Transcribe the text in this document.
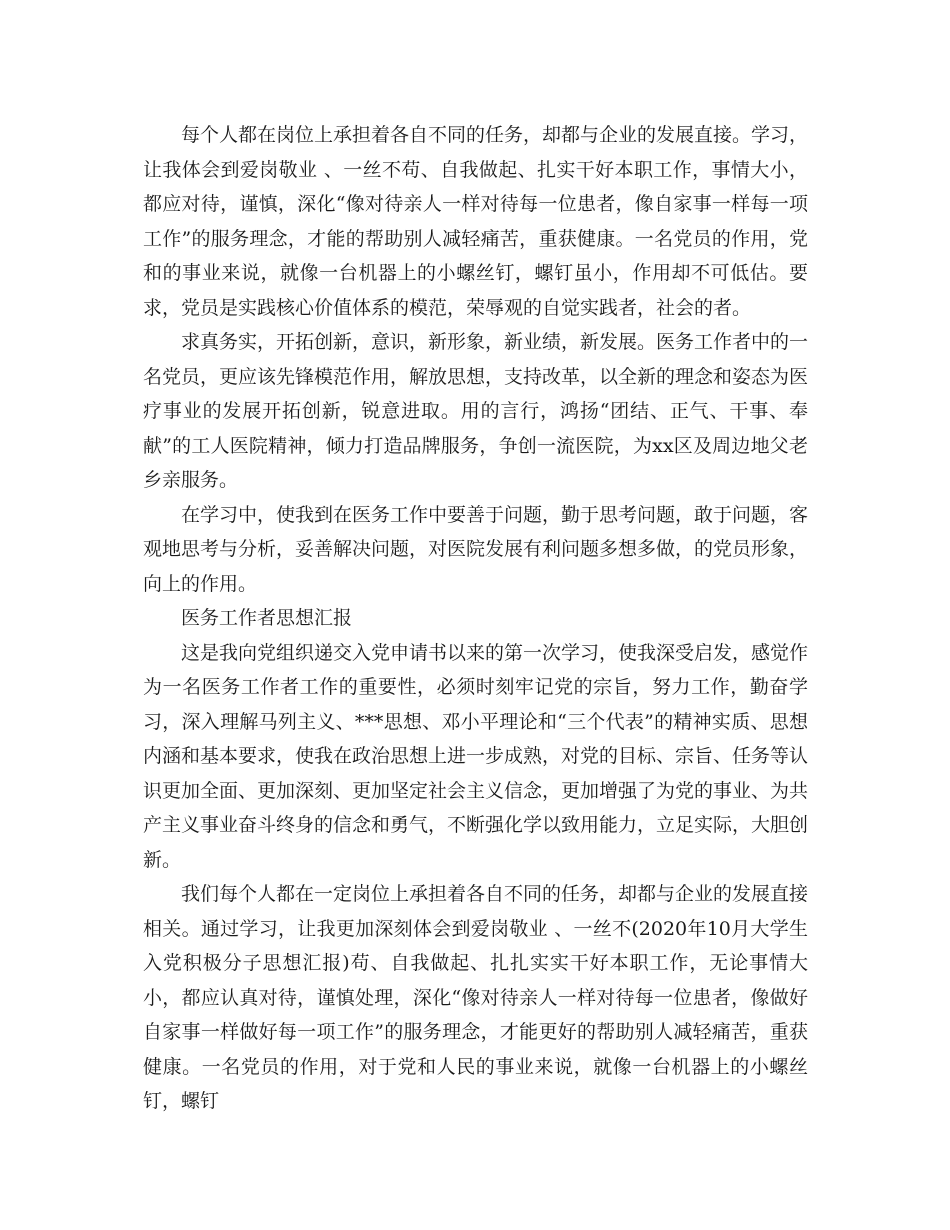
每个人都在岗位上承担着各自不同的任务，却都与企业的发展直接。学习，让我体会到爱岗敬业 、一丝不苟、自我做起、扎实干好本职工作，事情大小，都应对待，谨慎，深化“像对待亲人一样对待每一位患者，像自家事一样每一项工作”的服务理念，才能的帮助别人减轻痛苦，重获健康。一名党员的作用，党和的事业来说，就像一台机器上的小螺丝钉，螺钉虽小，作用却不可低估。要求，党员是实践核心价值体系的模范，荣辱观的自觉实践者，社会的者。

求真务实，开拓创新，意识，新形象，新业绩，新发展。医务工作者中的一名党员，更应该先锋模范作用，解放思想，支持改革，以全新的理念和姿态为医疗事业的发展开拓创新，锐意进取。用的言行，鸿扬“团结、正气、干事、奉献”的工人医院精神，倾力打造品牌服务，争创一流医院，为xx区及周边地父老乡亲服务。

在学习中，使我到在医务工作中要善于问题，勤于思考问题，敢于问题，客观地思考与分析，妥善解决问题，对医院发展有利问题多想多做，的党员形象，向上的作用。

医务工作者思想汇报

这是我向党组织递交入党申请书以来的第一次学习，使我深受启发，感觉作为一名医务工作者工作的重要性，必须时刻牢记党的宗旨，努力工作，勤奋学习，深入理解马列主义、***思想、邓小平理论和“三个代表”的精神实质、思想内涵和基本要求，使我在政治思想上进一步成熟，对党的目标、宗旨、任务等认识更加全面、更加深刻、更加坚定社会主义信念，更加增强了为党的事业、为共产主义事业奋斗终身的信念和勇气，不断强化学以致用能力，立足实际，大胆创新。

我们每个人都在一定岗位上承担着各自不同的任务，却都与企业的发展直接相关。通过学习，让我更加深刻体会到爱岗敬业 、一丝不(2020年10月大学生入党积极分子思想汇报)苟、自我做起、扎扎实实干好本职工作，无论事情大小，都应认真对待，谨慎处理，深化“像对待亲人一样对待每一位患者，像做好自家事一样做好每一项工作”的服务理念，才能更好的帮助别人减轻痛苦，重获健康。一名党员的作用，对于党和人民的事业来说，就像一台机器上的小螺丝钉，螺钉
